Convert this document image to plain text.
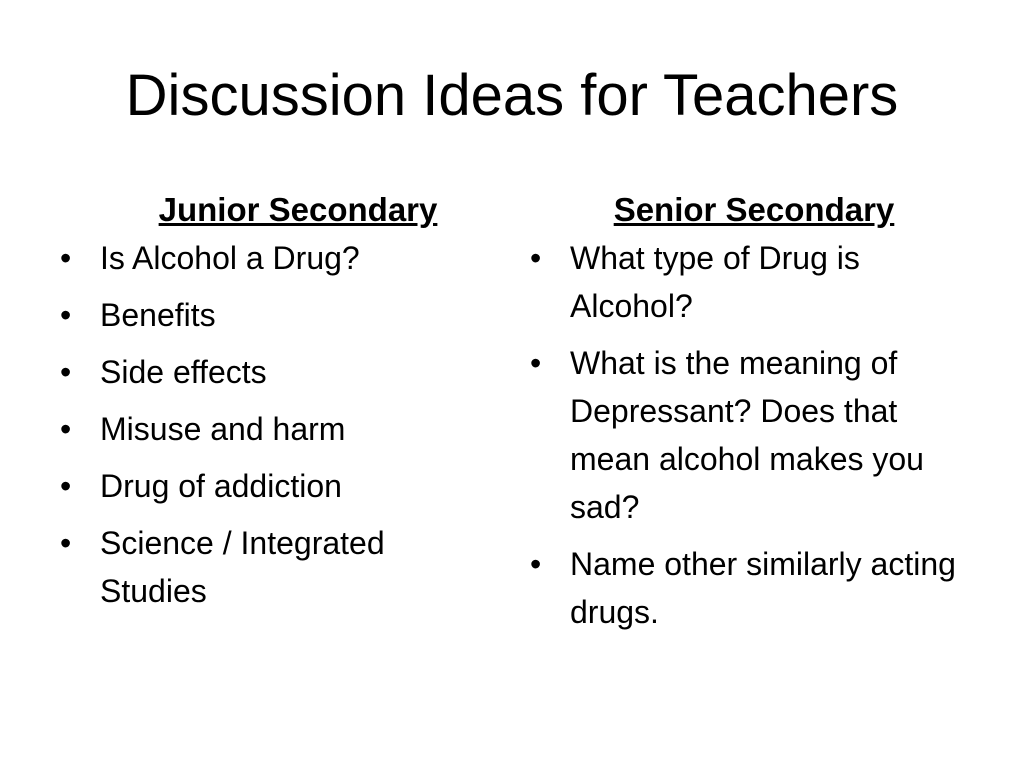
Discussion Ideas for Teachers
Junior Secondary
• Is Alcohol a Drug?
• Benefits
• Side effects
• Misuse and harm
• Drug of addiction
• Science / Integrated Studies
Senior Secondary
• What type of Drug is Alcohol?
• What is the meaning of Depressant? Does that mean alcohol makes you sad?
• Name other similarly acting drugs.
